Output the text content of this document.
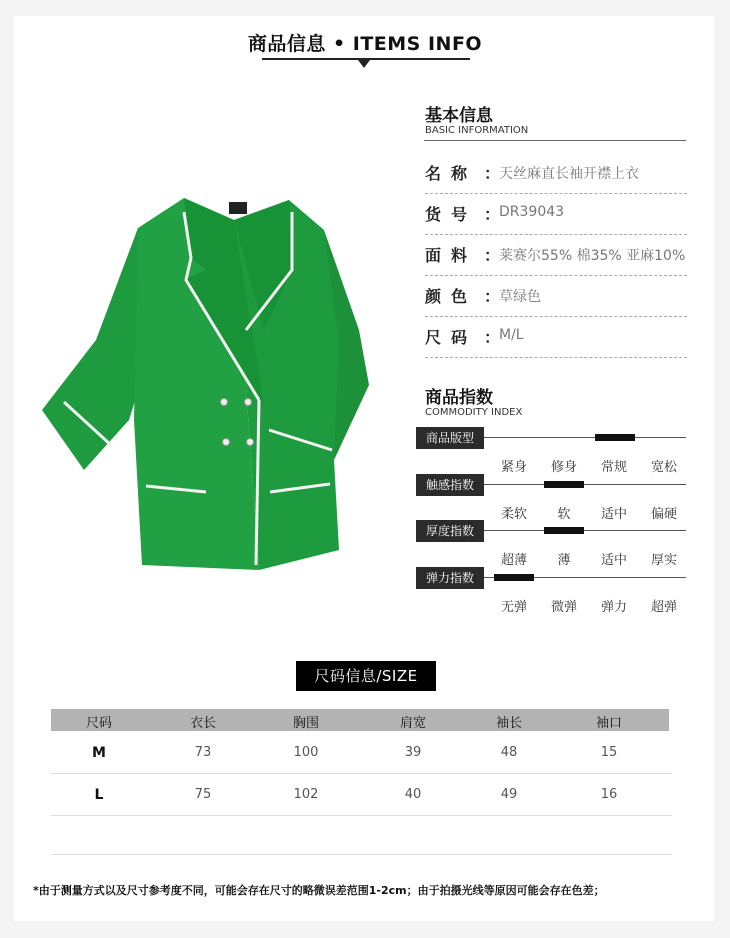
商品信息 • ITEMS INFO
基本信息
BASIC INFORMATION
名称 ：
天丝麻直长袖开襟上衣
货号 ：
DR39043
面料 ：
莱赛尔55% 棉35% 亚麻10%
颜色 ：
草绿色
尺码 ：
M/L
商品指数
COMMODITY INDEX
商品版型
紧身	修身	常规	宽松
触感指数
柔软	软	适中	偏硬
厚度指数
超薄	薄	适中	厚实
弹力指数
无弹	微弹	弹力	超弹
尺码信息/SIZE
尺码	衣长	胸围	肩宽	袖长	袖口
M	73	100	39	48	15
L	75	102	40	49	16
*由于测量方式以及尺寸参考度不同，可能会存在尺寸的略微误差范围1-2cm；由于拍摄光线等原因可能会存在色差；
